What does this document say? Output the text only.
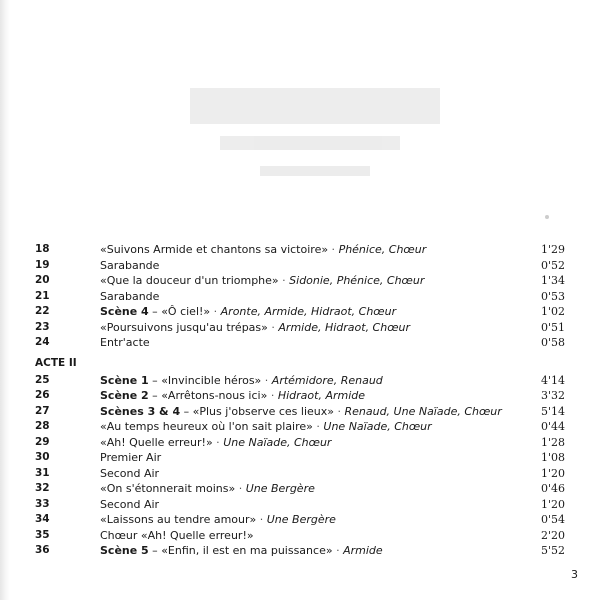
18	«Suivons Armide et chantons sa victoire» · Phénice, Chœur	1'29
19	Sarabande	0'52
20	«Que la douceur d'un triomphe» · Sidonie, Phénice, Chœur	1'34
21	Sarabande	0'53
22	Scène 4 – «Ô ciel!» · Aronte, Armide, Hidraot, Chœur	1'02
23	«Poursuivons jusqu'au trépas» · Armide, Hidraot, Chœur	0'51
24	Entr'acte	0'58
ACTE II
25	Scène 1 – «Invincible héros» · Artémidore, Renaud	4'14
26	Scène 2 – «Arrêtons-nous ici» · Hidraot, Armide	3'32
27	Scènes 3 & 4 – «Plus j'observe ces lieux» · Renaud, Une Naïade, Chœur	5'14
28	«Au temps heureux où l'on sait plaire» · Une Naïade, Chœur	0'44
29	«Ah! Quelle erreur!» · Une Naïade, Chœur	1'28
30	Premier Air	1'08
31	Second Air	1'20
32	«On s'étonnerait moins» · Une Bergère	0'46
33	Second Air	1'20
34	«Laissons au tendre amour» · Une Bergère	0'54
35	Chœur «Ah! Quelle erreur!»	2'20
36	Scène 5 – «Enfin, il est en ma puissance» · Armide	5'52
3
